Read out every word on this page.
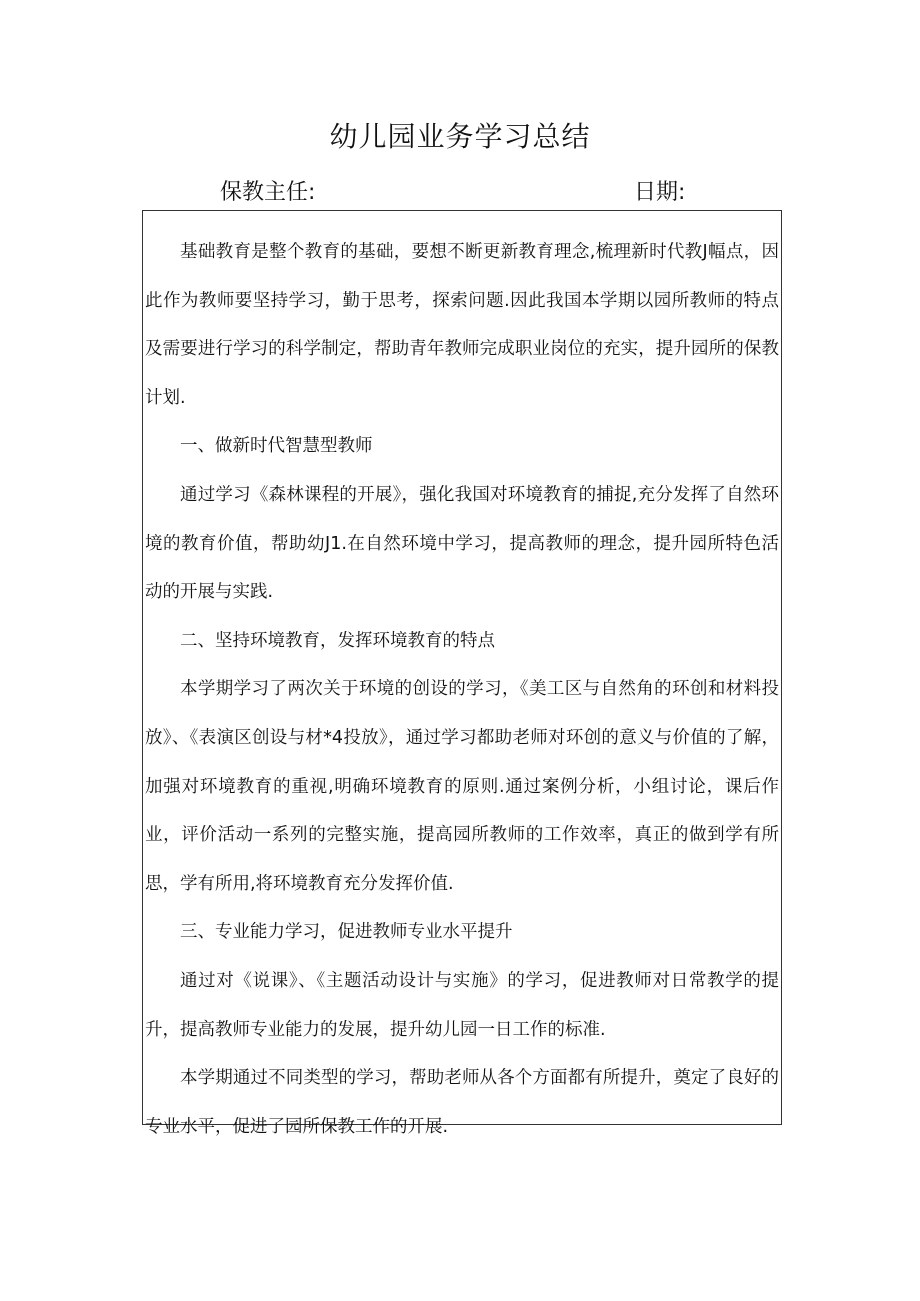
幼儿园业务学习总结
保教主任:	日期:

基础教育是整个教育的基础，要想不断更新教育理念,梳理新时代教J幅点，因此作为教师要坚持学习，勤于思考，探索问题.因此我国本学期以园所教师的特点及需要进行学习的科学制定，帮助青年教师完成职业岗位的充实，提升园所的保教计划.

一、做新时代智慧型教师

通过学习《森林课程的开展》，强化我国对环境教育的捕捉,充分发挥了自然环境的教育价值，帮助幼J1.在自然环境中学习，提高教师的理念，提升园所特色活动的开展与实践.

二、坚持环境教育，发挥环境教育的特点

本学期学习了两次关于环境的创设的学习，《美工区与自然角的环创和材料投放》、《表演区创设与材*4投放》，通过学习都助老师对环创的意义与价值的了解，加强对环境教育的重视,明确环境教育的原则.通过案例分析，小组讨论，课后作业，评价活动一系列的完整实施，提高园所教师的工作效率，真正的做到学有所思，学有所用,将环境教育充分发挥价值.

三、专业能力学习，促进教师专业水平提升

通过对《说课》、《主题活动设计与实施》的学习，促进教师对日常教学的提升，提高教师专业能力的发展，提升幼儿园一日工作的标准.

本学期通过不同类型的学习，帮助老师从各个方面都有所提升，奠定了良好的专业水平，促进了园所保教工作的开展.
